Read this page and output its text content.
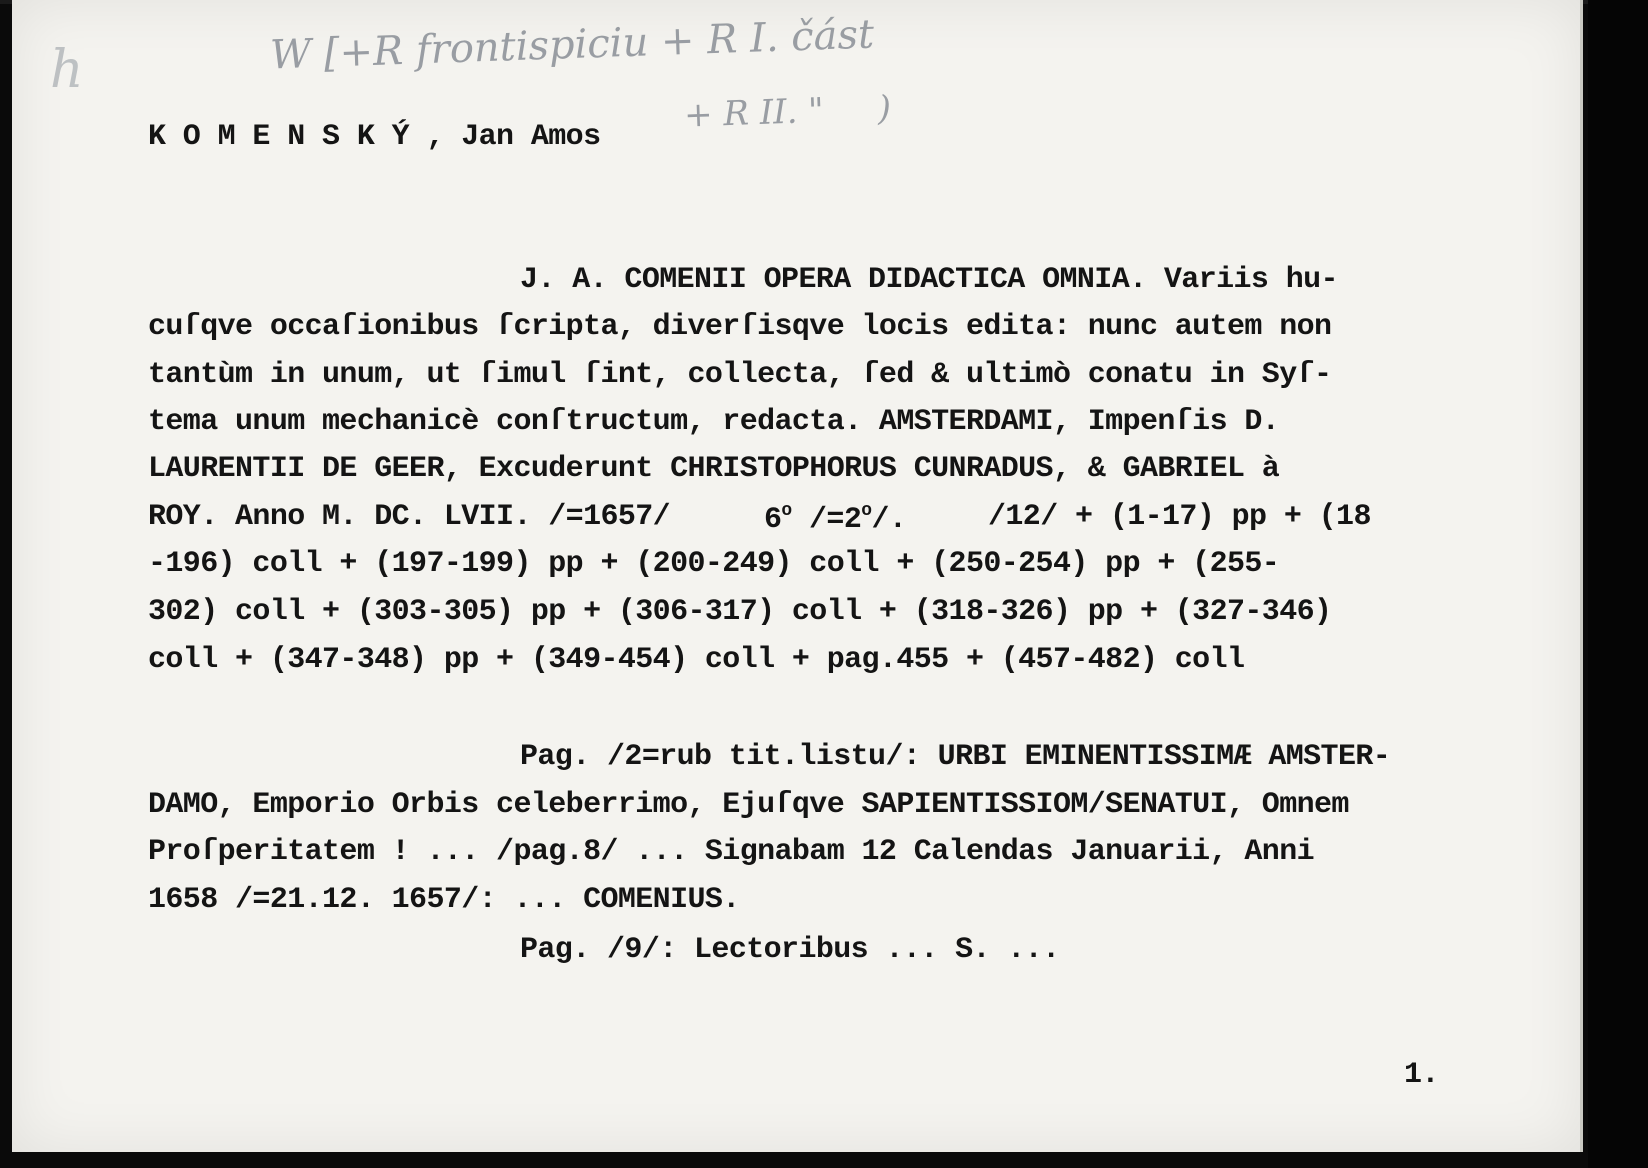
h	W [+R frontispiciu + R I. část
+ R II. "     )
K O M E N S K Ý , Jan Amos
J. A. COMENII OPERA DIDACTICA OMNIA. Variis hu-
cuſqve occaſionibus ſcripta, diverſisqve locis edita: nunc autem non
tantùm in unum, ut ſimul ſint, collecta, ſed & ultimò conatu in Syſ-
tema unum mechanicè conſtructum, redacta. AMSTERDAMI, Impenſis D.
LAURENTII DE GEER, Excuderunt CHRISTOPHORUS CUNRADUS, & GABRIEL à
ROY. Anno M. DC. LVII. /=1657/	6$^o$ $/=2^o/$.	/12/ + (1-17) pp + (18
-196) coll + (197-199) pp + (200-249) coll + (250-254) pp + (255-
302) coll + (303-305) pp + (306-317) coll + (318-326) pp + (327-346)
coll + (347-348) pp + (349-454) coll + pag.455 + (457-482) coll
Pag. /2=rub tit.listu/: URBI EMINENTISSIMÆ AMSTER-
DAMO, Emporio Orbis celeberrimo, Ejuſqve SAPIENTISSIOM/SENATUI, Omnem
Proſperitatem ! ... /pag.8/ ... Signabam 12 Calendas Januarii, Anni
1658 /=21.12. 1657/: ... COMENIUS.
Pag. /9/: Lectoribus ... S. ...
1.
